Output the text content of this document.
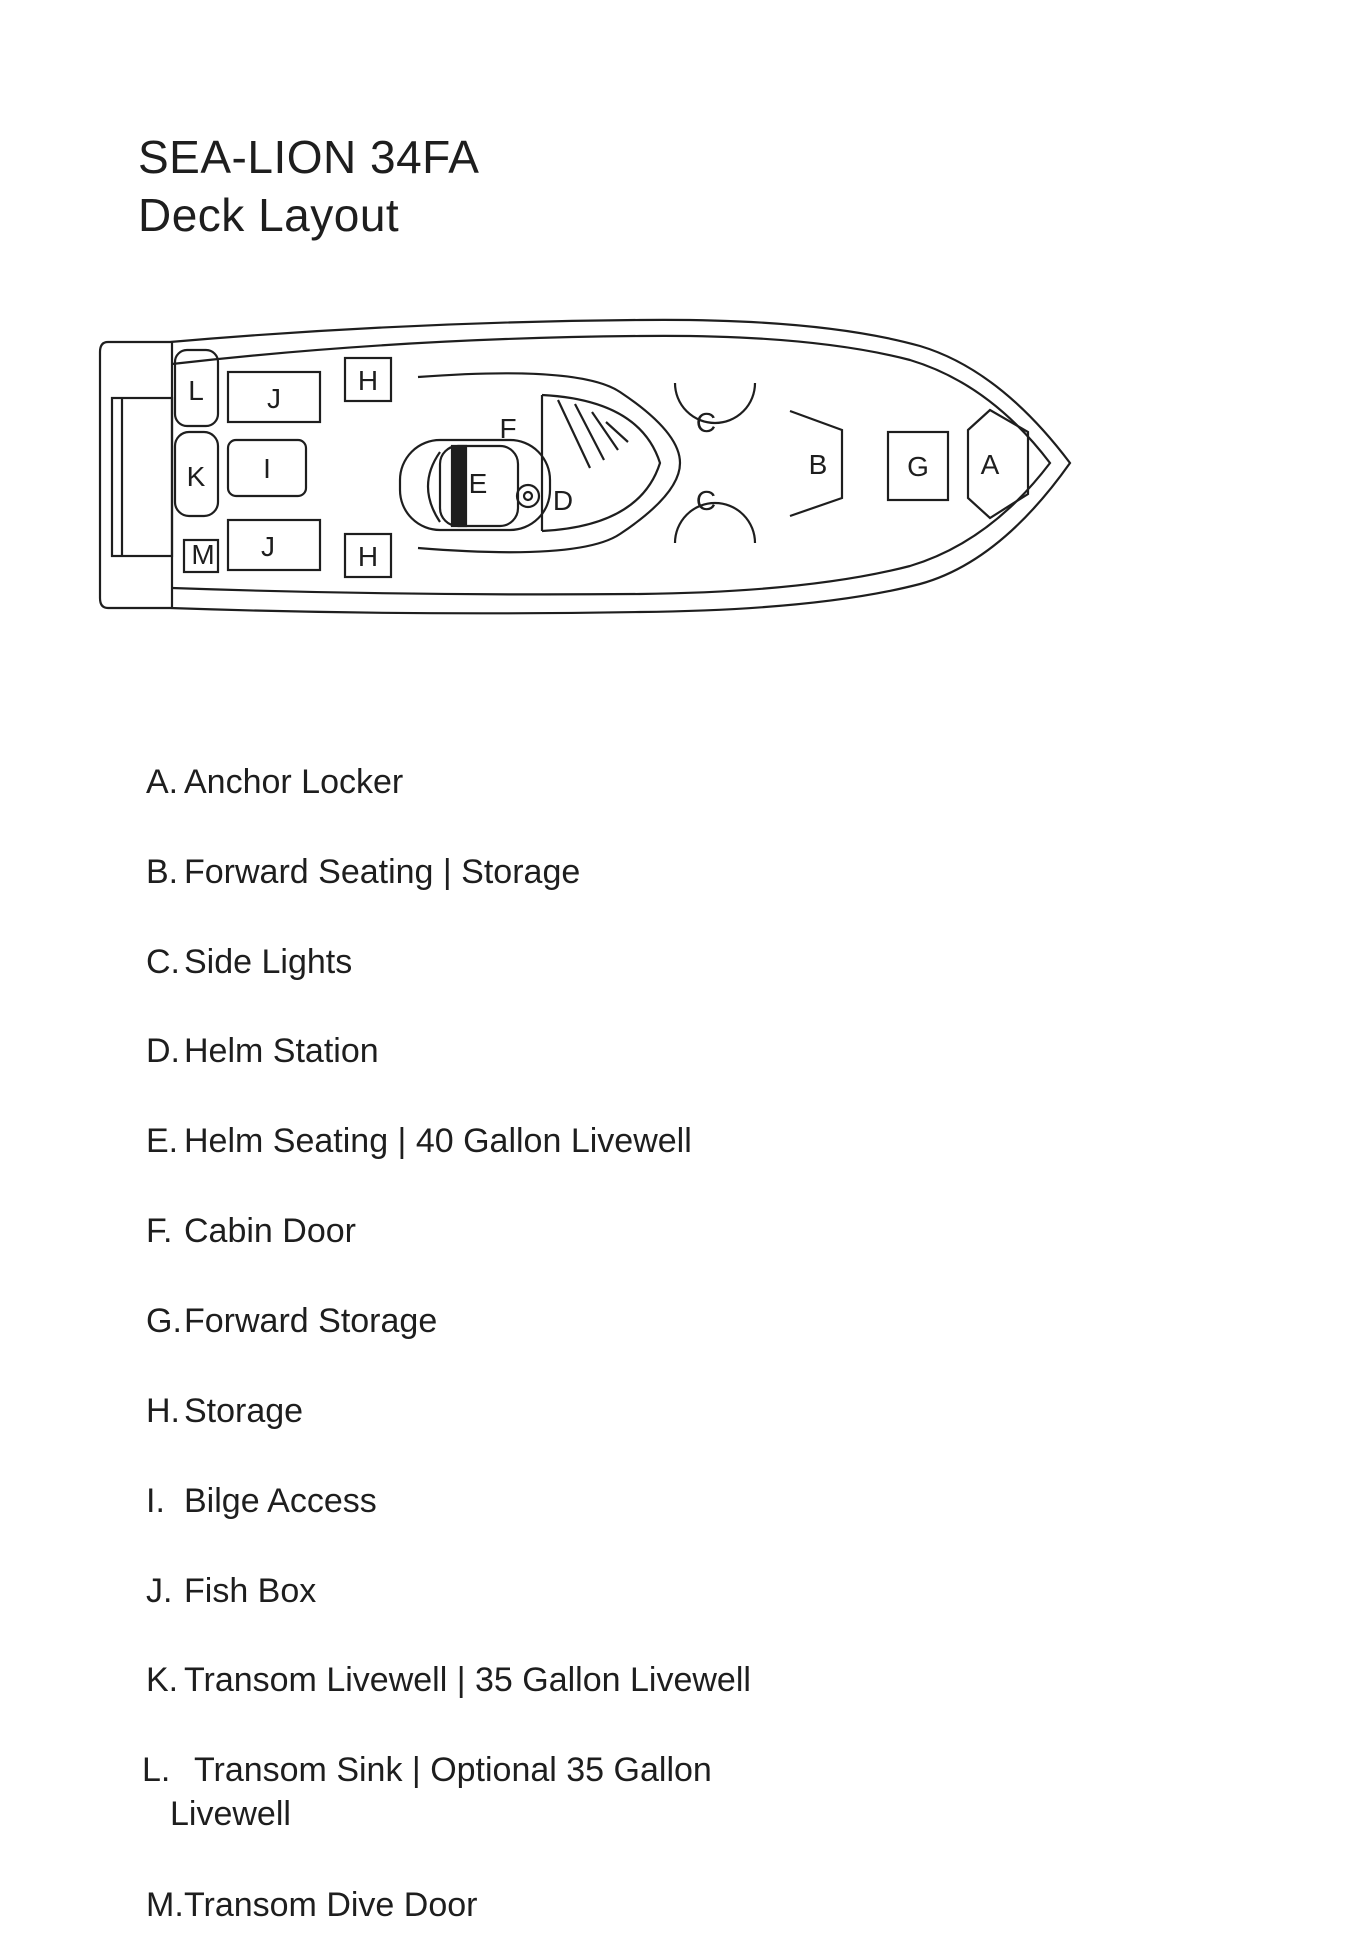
SEA-LION 34FA
Deck Layout
L
K
M
J
I
J
H
H
F
E
D
C
C
B	G A
A. Anchor Locker
B. Forward Seating | Storage
C. Side Lights
D. Helm Station
E. Helm Seating | 40 Gallon Livewell
F. Cabin Door
G.Forward Storage
H. Storage
I. Bilge Access
J. Fish Box
K. Transom Livewell | 35 Gallon Livewell
L. Transom Sink | Optional 35 Gallon Livewell
M.Transom Dive Door
